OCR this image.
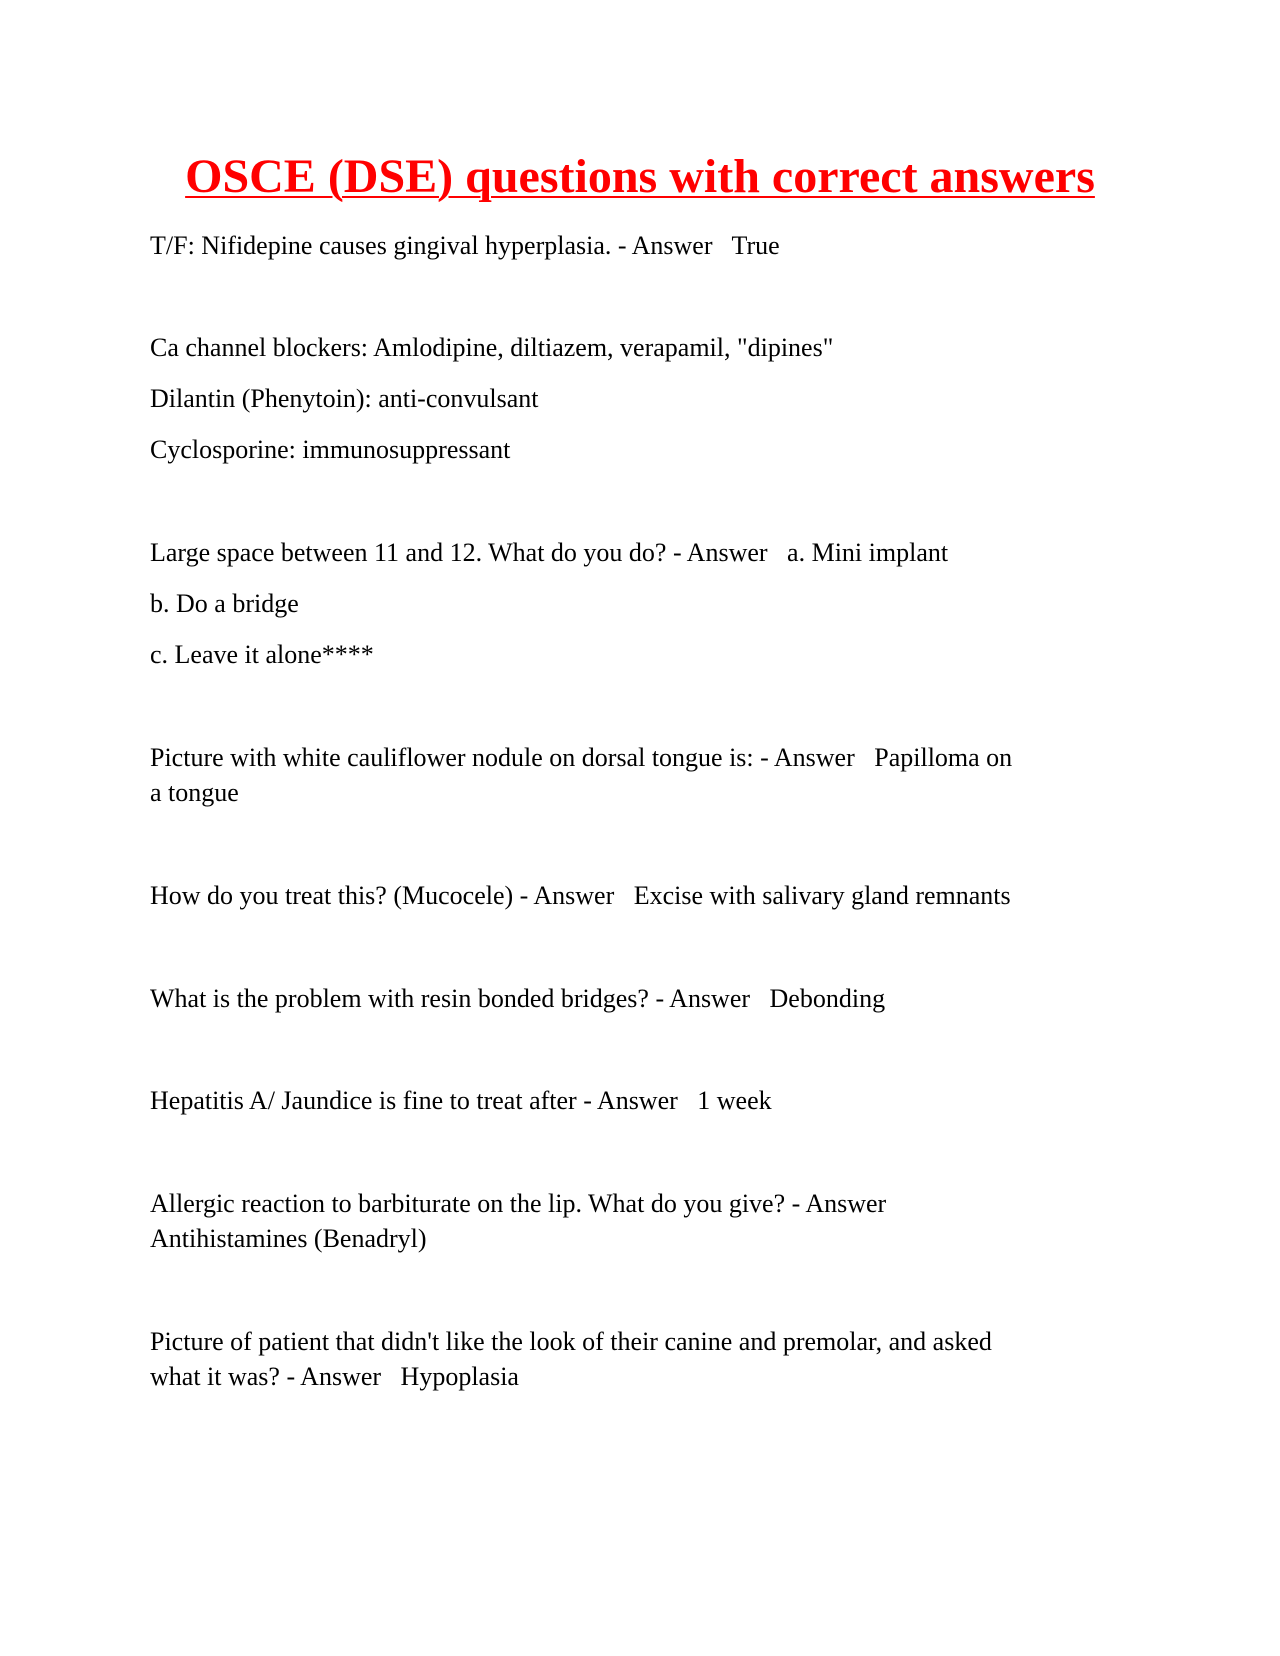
OSCE (DSE) questions with correct answers

T/F: Nifidepine causes gingival hyperplasia. - Answer   True

Ca channel blockers: Amlodipine, diltiazem, verapamil, "dipines"

Dilantin (Phenytoin): anti-convulsant

Cyclosporine: immunosuppressant

Large space between 11 and 12. What do you do? - Answer   a. Mini implant

b. Do a bridge

c. Leave it alone****

Picture with white cauliflower nodule on dorsal tongue is: - Answer   Papilloma on

a tongue

How do you treat this? (Mucocele) - Answer   Excise with salivary gland remnants

What is the problem with resin bonded bridges? - Answer   Debonding

Hepatitis A/ Jaundice is fine to treat after - Answer   1 week

Allergic reaction to barbiturate on the lip. What do you give? - Answer

Antihistamines (Benadryl)

Picture of patient that didn't like the look of their canine and premolar, and asked

what it was? - Answer   Hypoplasia
